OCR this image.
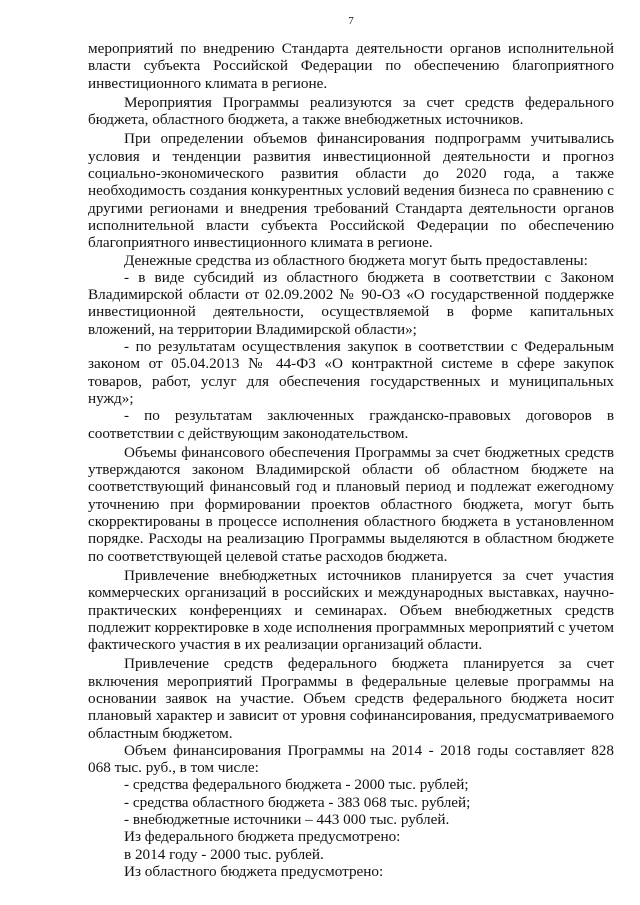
7

мероприятий по внедрению Стандарта деятельности органов исполнительной власти субъекта Российской Федерации по обеспечению благоприятного инвестиционного климата в регионе.

Мероприятия Программы реализуются за счет средств федерального бюджета, областного бюджета, а также внебюджетных источников.

При определении объемов финансирования подпрограмм учитывались условия и тенденции развития инвестиционной деятельности и прогноз социально-экономического развития области до 2020 года, а также необходимость создания конкурентных условий ведения бизнеса по сравнению с другими регионами и внедрения требований Стандарта деятельности органов исполнительной власти субъекта Российской Федерации по обеспечению благоприятного инвестиционного климата в регионе.

Денежные средства из областного бюджета могут быть предоставлены:

- в виде субсидий из областного бюджета в соответствии с Законом Владимирской области от 02.09.2002 № 90-ОЗ «О государственной поддержке инвестиционной деятельности, осуществляемой в форме капитальных вложений, на территории Владимирской области»;

- по результатам осуществления закупок в соответствии с Федеральным законом от 05.04.2013 № 44-ФЗ «О контрактной системе в сфере закупок товаров, работ, услуг для обеспечения государственных и муниципальных нужд»;

- по результатам заключенных гражданско-правовых договоров в соответствии с действующим законодательством.

Объемы финансового обеспечения Программы за счет бюджетных средств утверждаются законом Владимирской области об областном бюджете на соответствующий финансовый год и плановый период и подлежат ежегодному уточнению при формировании проектов областного бюджета, могут быть скорректированы в процессе исполнения областного бюджета в установленном порядке. Расходы на реализацию Программы выделяются в областном бюджете по соответствующей целевой статье расходов бюджета.

Привлечение внебюджетных источников планируется за счет участия коммерческих организаций в российских и международных выставках, научно-практических конференциях и семинарах. Объем внебюджетных средств подлежит корректировке в ходе исполнения программных мероприятий с учетом фактического участия в их реализации организаций области.

Привлечение средств федерального бюджета планируется за счет включения мероприятий Программы в федеральные целевые программы на основании заявок на участие. Объем средств федерального бюджета носит плановый характер и зависит от уровня софинансирования, предусматриваемого областным бюджетом.

Объем финансирования Программы на 2014 - 2018 годы составляет 828 068 тыс. руб., в том числе:

- средства федерального бюджета - 2000 тыс. рублей;

- средства областного бюджета - 383 068 тыс. рублей;

- внебюджетные источники – 443 000 тыс. рублей.

Из федерального бюджета предусмотрено:

в 2014 году - 2000 тыс. рублей.

Из областного бюджета предусмотрено:
